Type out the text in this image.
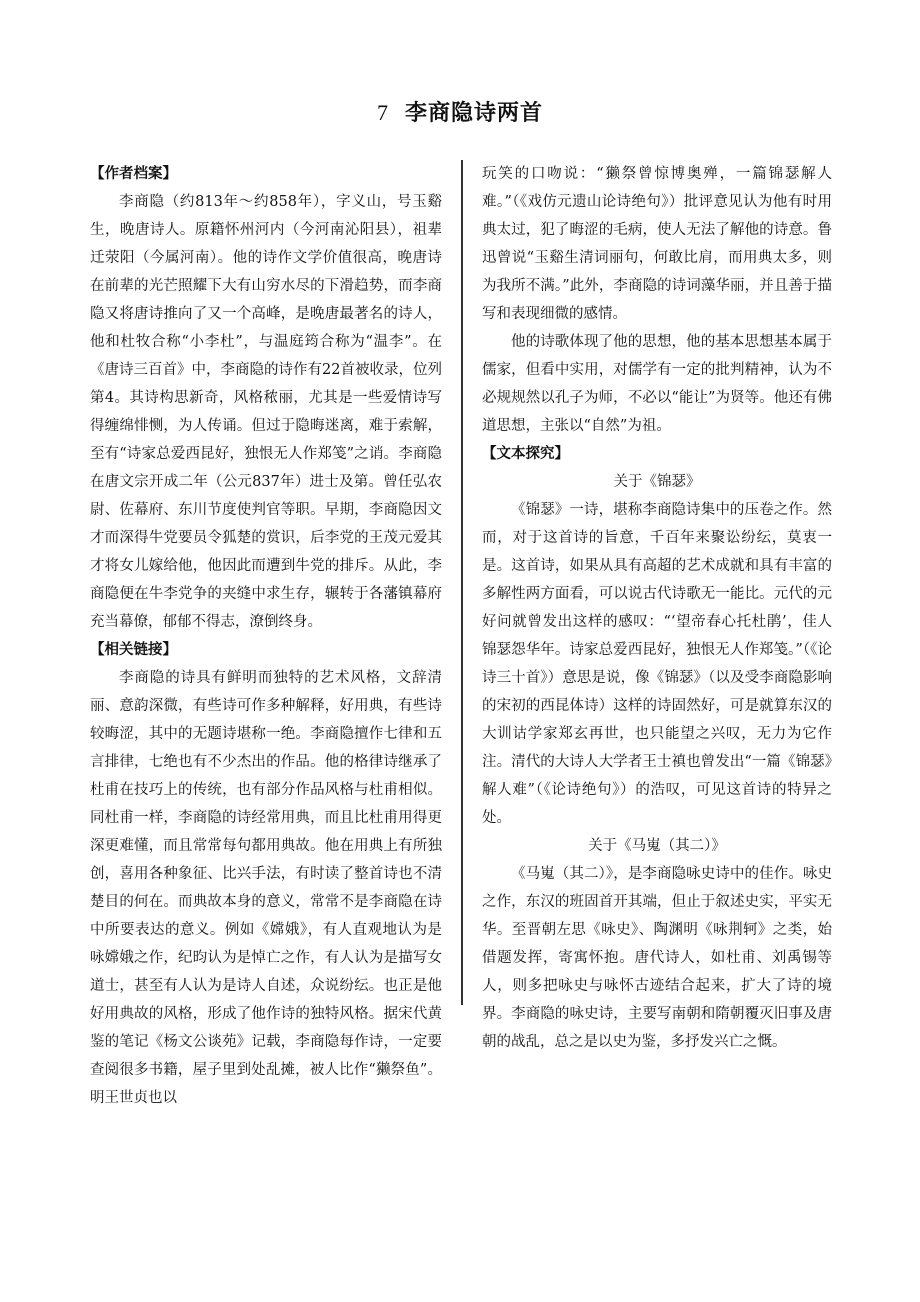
7 李商隐诗两首
【作者档案】

李商隐（约813年～约858年），字义山，号玉谿生，晚唐诗人。原籍怀州河内（今河南沁阳县），祖辈迁荥阳（今属河南）。他的诗作文学价值很高，晚唐诗在前辈的光芒照耀下大有山穷水尽的下滑趋势，而李商隐又将唐诗推向了又一个高峰，是晚唐最著名的诗人，他和杜牧合称“小李杜”，与温庭筠合称为“温李”。在《唐诗三百首》中，李商隐的诗作有22首被收录，位列第4。其诗构思新奇，风格秾丽，尤其是一些爱情诗写得缠绵悱恻，为人传诵。但过于隐晦迷离，难于索解，至有“诗家总爱西昆好，独恨无人作郑笺”之诮。李商隐在唐文宗开成二年（公元837年）进士及第。曾任弘农尉、佐幕府、东川节度使判官等职。早期，李商隐因文才而深得牛党要员令狐楚的赏识，后李党的王茂元爱其才将女儿嫁给他，他因此而遭到牛党的排斥。从此，李商隐便在牛李党争的夹缝中求生存，辗转于各藩镇幕府充当幕僚，郁郁不得志，潦倒终身。

【相关链接】

李商隐的诗具有鲜明而独特的艺术风格，文辞清丽、意韵深微，有些诗可作多种解释，好用典，有些诗较晦涩，其中的无题诗堪称一绝。李商隐擅作七律和五言排律，七绝也有不少杰出的作品。他的格律诗继承了杜甫在技巧上的传统，也有部分作品风格与杜甫相似。同杜甫一样，李商隐的诗经常用典，而且比杜甫用得更深更难懂，而且常常每句都用典故。他在用典上有所独创，喜用各种象征、比兴手法，有时读了整首诗也不清楚目的何在。而典故本身的意义，常常不是李商隐在诗中所要表达的意义。例如《嫦娥》，有人直观地认为是咏嫦娥之作，纪昀认为是悼亡之作，有人认为是描写女道士，甚至有人认为是诗人自述，众说纷纭。也正是他好用典故的风格，形成了他作诗的独特风格。据宋代黄鉴的笔记《杨文公谈苑》记载，李商隐每作诗，一定要查阅很多书籍，屋子里到处乱摊，被人比作“獭祭鱼”。明王世贞也以

玩笑的口吻说：“獭祭曾惊博奥殚，一篇锦瑟解人难。”（《戏仿元遗山论诗绝句》）批评意见认为他有时用典太过，犯了晦涩的毛病，使人无法了解他的诗意。鲁迅曾说“玉谿生清词丽句，何敢比肩，而用典太多，则为我所不满。”此外，李商隐的诗词藻华丽，并且善于描写和表现细微的感情。

他的诗歌体现了他的思想，他的基本思想基本属于儒家，但看中实用，对儒学有一定的批判精神，认为不必规规然以孔子为师，不必以“能让”为贤等。他还有佛道思想，主张以“自然”为祖。

【文本探究】
关于《锦瑟》

《锦瑟》一诗，堪称李商隐诗集中的压卷之作。然而，对于这首诗的旨意，千百年来聚讼纷纭，莫衷一是。这首诗，如果从具有高超的艺术成就和具有丰富的多解性两方面看，可以说古代诗歌无一能比。元代的元好问就曾发出这样的感叹：“‘望帝春心托杜鹃’，佳人锦瑟怨华年。诗家总爱西昆好，独恨无人作郑笺。”（《论诗三十首》）意思是说，像《锦瑟》（以及受李商隐影响的宋初的西昆体诗）这样的诗固然好，可是就算东汉的大训诂学家郑玄再世，也只能望之兴叹，无力为它作注。清代的大诗人大学者王士禛也曾发出“一篇《锦瑟》解人难”（《论诗绝句》）的浩叹，可见这首诗的特异之处。

关于《马嵬（其二）》

《马嵬（其二）》，是李商隐咏史诗中的佳作。咏史之作，东汉的班固首开其端，但止于叙述史实，平实无华。至晋朝左思《咏史》、陶渊明《咏荆轲》之类，始借题发挥，寄寓怀抱。唐代诗人，如杜甫、刘禹锡等人，则多把咏史与咏怀古迹结合起来，扩大了诗的境界。李商隐的咏史诗，主要写南朝和隋朝覆灭旧事及唐朝的战乱，总之是以史为鉴，多抒发兴亡之慨。
